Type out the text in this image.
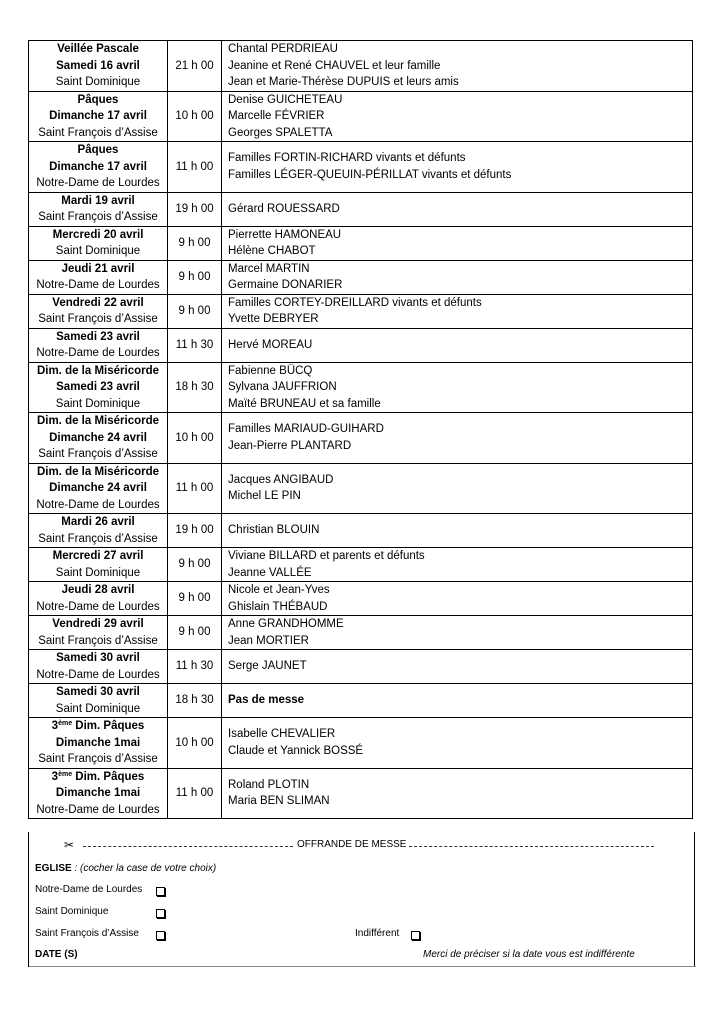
Veillée Pascale
Samedi 16 avril
Saint Dominique	21 h 00	Chantal PERDRIEAU
Jeanine et René CHAUVEL et leur famille
Jean et Marie-Thérèse DUPUIS et leurs amis

Pâques
Dimanche 17 avril
Saint François d’Assise	10 h 00	Denise GUICHETEAU
Marcelle FÉVRIER
Georges SPALETTA

Pâques
Dimanche 17 avril
Notre-Dame de Lourdes	11 h 00	Familles FORTIN-RICHARD vivants et défunts
Familles LÉGER-QUEUIN-PÉRILLAT vivants et défunts

Mardi 19 avril
Saint François d’Assise	19 h 00	Gérard ROUESSARD

Mercredi 20 avril
Saint Dominique	9 h 00	Pierrette HAMONEAU
Hélène CHABOT

Jeudi 21 avril
Notre-Dame de Lourdes	9 h 00	Marcel MARTIN
Germaine DONARIER

Vendredi 22 avril
Saint François d’Assise	9 h 00	Familles CORTEY-DREILLARD vivants et défunts
Yvette DEBRYER

Samedi 23 avril
Notre-Dame de Lourdes	11 h 30	Hervé MOREAU

Dim. de la Miséricorde
Samedi 23 avril
Saint Dominique	18 h 30	Fabienne BÜCQ
Sylvana JAUFFRION
Maïté BRUNEAU et sa famille

Dim. de la Miséricorde
Dimanche 24 avril
Saint François d’Assise	10 h 00	Familles MARIAUD-GUIHARD
Jean-Pierre PLANTARD

Dim. de la Miséricorde
Dimanche 24 avril
Notre-Dame de Lourdes	11 h 00	Jacques ANGIBAUD
Michel LE PIN

Mardi 26 avril
Saint François d’Assise	19 h 00	Christian BLOUIN

Mercredi 27 avril
Saint Dominique	9 h 00	Viviane BILLARD et parents et défunts
Jeanne VALLÉE

Jeudi 28 avril
Notre-Dame de Lourdes	9 h 00	Nicole et Jean-Yves
Ghislain THÉBAUD

Vendredi 29 avril
Saint François d’Assise	9 h 00	Anne GRANDHOMME
Jean MORTIER

Samedi 30 avril
Notre-Dame de Lourdes	11 h 30	Serge JAUNET

Samedi 30 avril
Saint Dominique	18 h 30	Pas de messe

3ème Dim. Pâques
Dimanche 1mai
Saint François d’Assise	10 h 00	Isabelle CHEVALIER
Claude et Yannick BOSSÉ

3ème Dim. Pâques
Dimanche 1mai
Notre-Dame de Lourdes	11 h 00	Roland PLOTIN
Maria BEN SLIMAN
✂	OFFRANDE DE MESSE
EGLISE : (cocher la case de votre choix)
Notre-Dame de Lourdes
Saint Dominique
Saint François d’Assise	Indifférent
DATE (S)	Merci de préciser si la date vous est indifférente
